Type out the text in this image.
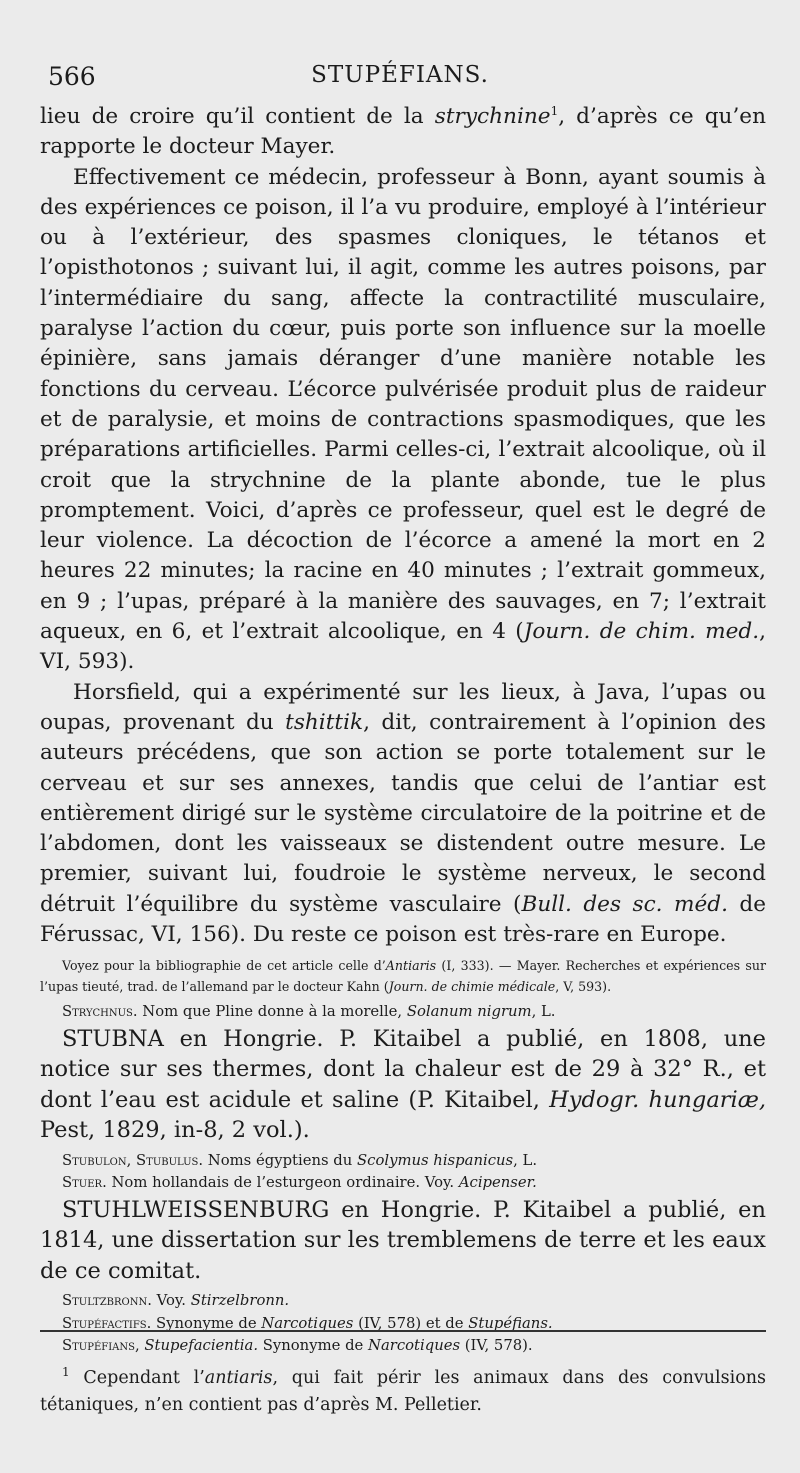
566	STUPÉFIANS.

lieu de croire qu’il contient de la strychnine$^1$, d’après ce qu’en rapporte le docteur Mayer.

Effectivement ce médecin, professeur à Bonn, ayant soumis à des expériences ce poison, il l’a vu produire, employé à l’intérieur ou à l’extérieur, des spasmes cloniques, le tétanos et l’opisthotonos ; suivant lui, il agit, comme les autres poisons, par l’intermédiaire du sang, affecte la contractilité musculaire, paralyse l’action du cœur, puis porte son influence sur la moelle épinière, sans jamais déranger d’une manière notable les fonctions du cerveau. L’écorce pulvérisée produit plus de raideur et de paralysie, et moins de contractions spasmodiques, que les préparations artificielles. Parmi celles-ci, l’extrait alcoolique, où il croit que la strychnine de la plante abonde, tue le plus promptement. Voici, d’après ce professeur, quel est le degré de leur violence. La décoction de l’écorce a amené la mort en 2 heures 22 minutes; la racine en 40 minutes ; l’extrait gommeux, en 9 ; l’upas, préparé à la manière des sauvages, en 7; l’extrait aqueux, en 6, et l’extrait alcoolique, en 4 (Journ. de chim. med., VI, 593).

Horsfield, qui a expérimenté sur les lieux, à Java, l’upas ou oupas, provenant du tshittik, dit, contrairement à l’opinion des auteurs précédens, que son action se porte totalement sur le cerveau et sur ses annexes, tandis que celui de l’antiar est entièrement dirigé sur le système circulatoire de la poitrine et de l’abdomen, dont les vaisseaux se distendent outre mesure. Le premier, suivant lui, foudroie le système nerveux, le second détruit l’équilibre du système vasculaire (Bull. des sc. méd. de Férussac, VI, 156). Du reste ce poison est très-rare en Europe.

Voyez pour la bibliographie de cet article celle d’Antiaris (I, 333). — Mayer. Recherches et expériences sur l’upas tieuté, trad. de l’allemand par le docteur Kahn (Journ. de chimie médicale, V, 593).

Strychnus. Nom que Pline donne à la morelle, Solanum nigrum, L.

STUBNA en Hongrie. P. Kitaibel a publié, en 1808, une notice sur ses thermes, dont la chaleur est de 29 à 32° R., et dont l’eau est acidule et saline (P. Kitaibel, Hydogr. hungariæ, Pest, 1829, in-8, 2 vol.).

Stubulon, Stubulus. Noms égyptiens du Scolymus hispanicus, L.

Stuer. Nom hollandais de l’esturgeon ordinaire. Voy. Acipenser.

STUHLWEISSENBURG en Hongrie. P. Kitaibel a publié, en 1814, une dissertation sur les tremblemens de terre et les eaux de ce comitat.

Stultzbronn. Voy. Stirzelbronn.

Stupéfactifs. Synonyme de Narcotiques (IV, 578) et de Stupéfians.

Stupéfians, Stupefacientia. Synonyme de Narcotiques (IV, 578).

$^1$ Cependant l’antiaris, qui fait périr les animaux dans des convulsions tétaniques, n’en contient pas d’après M. Pelletier.
